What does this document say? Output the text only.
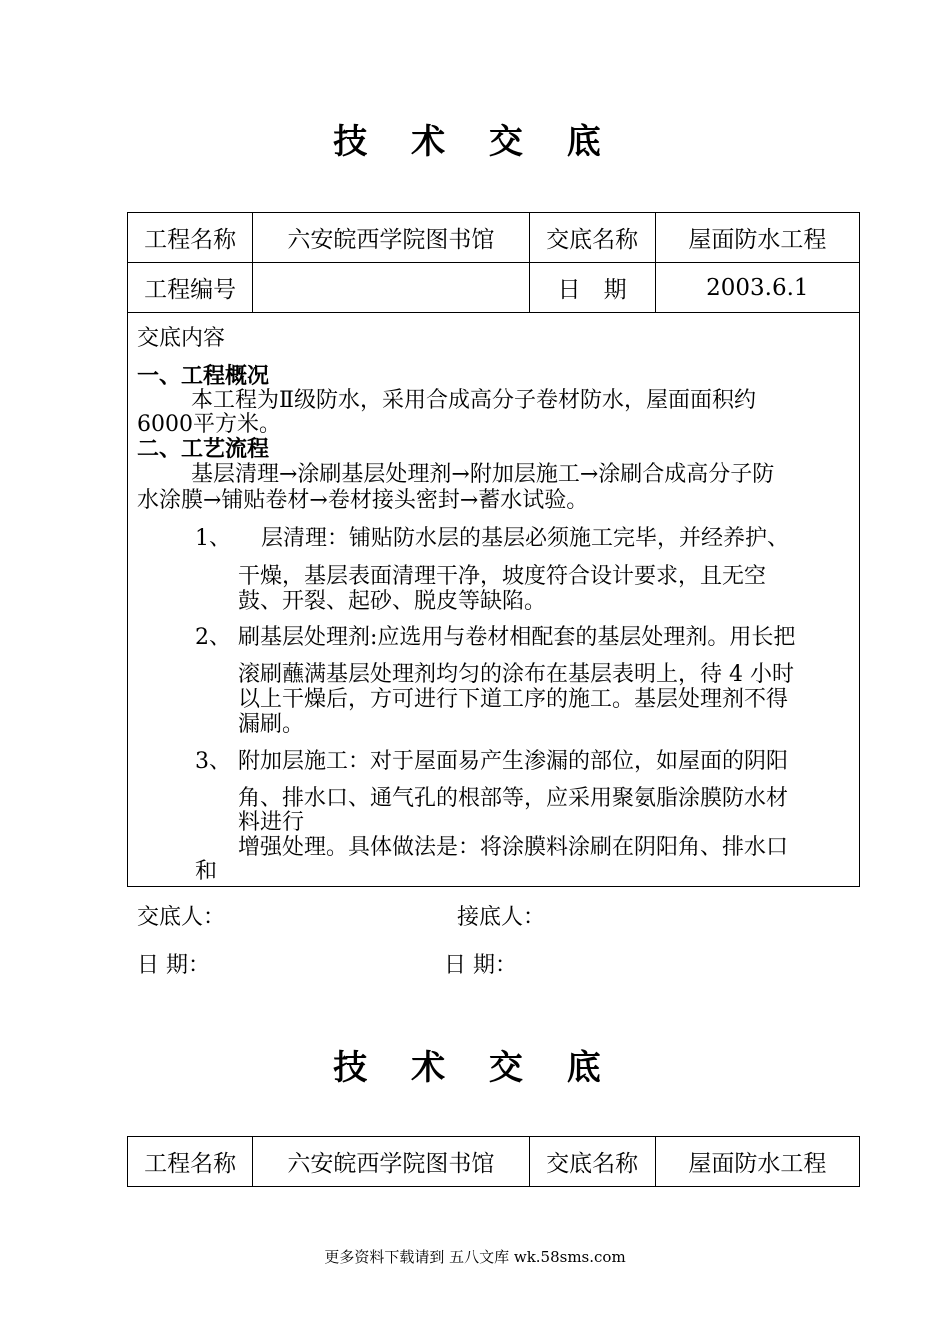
技 术 交 底
工程名称	六安皖西学院图书馆	交底名称	屋面防水工程
工程编号		日　期	2003.6.1
交底内容
一、工程概况
本工程为Ⅱ级防水，采用合成高分子卷材防水，屋面面积约
6000平方米。
二、工艺流程
基层清理→涂刷基层处理剂→附加层施工→涂刷合成高分子防
水涂膜→铺贴卷材→卷材接头密封→蓄水试验。
1、 层清理：铺贴防水层的基层必须施工完毕，并经养护、
干燥，基层表面清理干净，坡度符合设计要求，且无空
鼓、开裂、起砂、脱皮等缺陷。
2、 刷基层处理剂:应选用与卷材相配套的基层处理剂。用长把
滚刷蘸满基层处理剂均匀的涂布在基层表明上，待 4 小时
以上干燥后，方可进行下道工序的施工。基层处理剂不得
漏刷。
3、 附加层施工：对于屋面易产生渗漏的部位，如屋面的阴阳
角、排水口、通气孔的根部等，应采用聚氨脂涂膜防水材
料进行
增强处理。具体做法是：将涂膜料涂刷在阴阳角、排水口
和
交底人：	接底人：
日 期：	日 期：
技 术 交 底
工程名称	六安皖西学院图书馆	交底名称	屋面防水工程
更多资料下载请到 五八文库 wk.58sms.com
